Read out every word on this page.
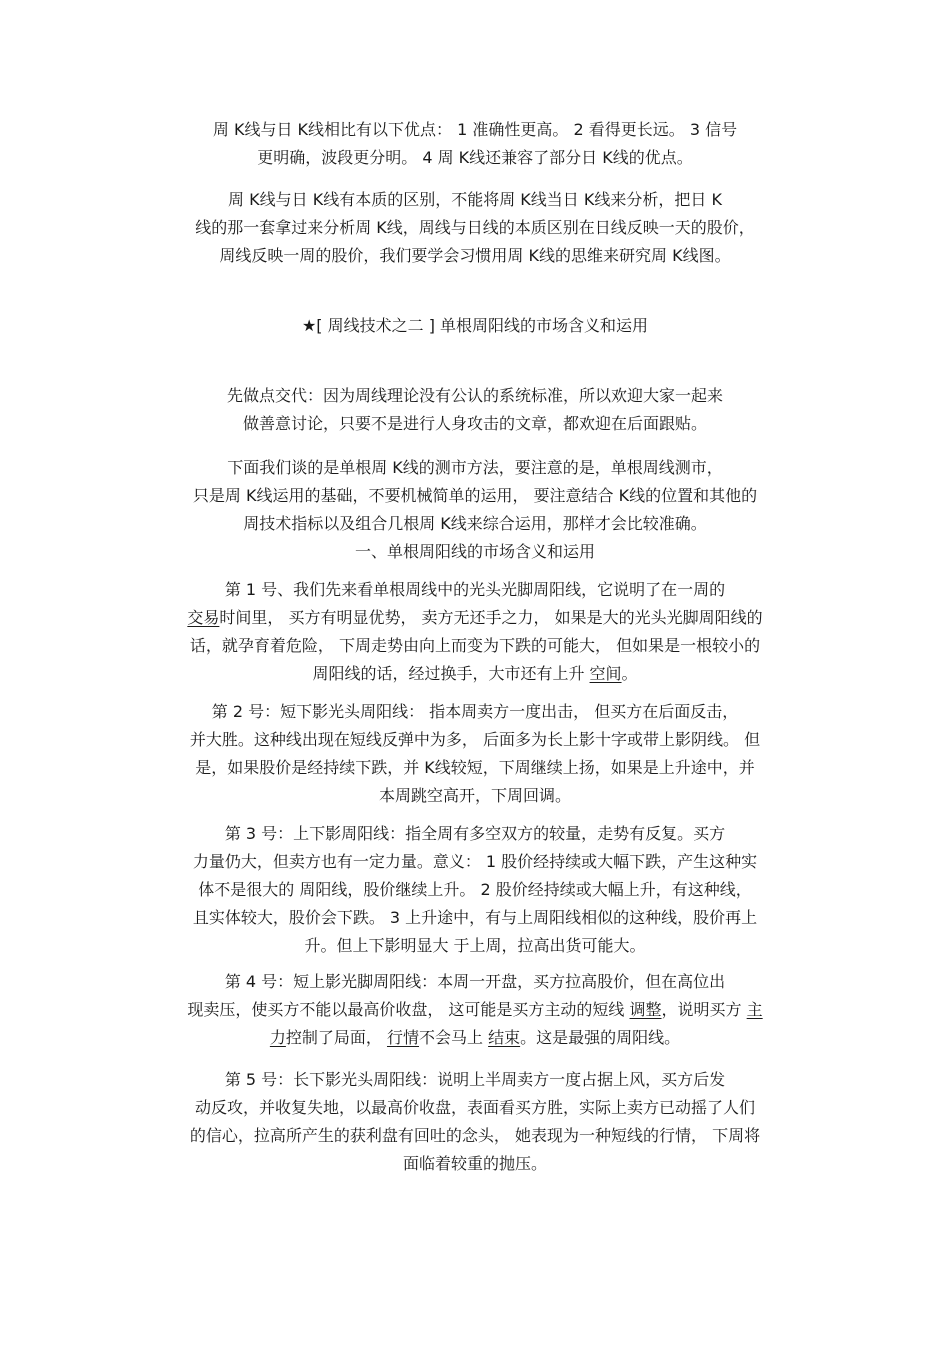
周 K线与日 K线相比有以下优点： 1 准确性更高。 2 看得更长远。 3 信号
更明确，波段更分明。 4 周 K线还兼容了部分日 K线的优点。

周 K线与日 K线有本质的区别，不能将周 K线当日 K线来分析，把日 K
线的那一套拿过来分析周 K线，周线与日线的本质区别在日线反映一天的股价，
周线反映一周的股价，我们要学会习惯用周 K线的思维来研究周 K线图。

★[ 周线技术之二 ] 单根周阳线的市场含义和运用

先做点交代：因为周线理论没有公认的系统标准，所以欢迎大家一起来
做善意讨论，只要不是进行人身攻击的文章，都欢迎在后面跟贴。

下面我们谈的是单根周 K线的测市方法，要注意的是，单根周线测市，
只是周 K线运用的基础，不要机械简单的运用， 要注意结合 K线的位置和其他的
周技术指标以及组合几根周 K线来综合运用，那样才会比较准确。
一、单根周阳线的市场含义和运用

第 1 号、我们先来看单根周线中的光头光脚周阳线，它说明了在一周的
交易时间里， 买方有明显优势， 卖方无还手之力， 如果是大的光头光脚周阳线的
话，就孕育着危险， 下周走势由向上而变为下跌的可能大， 但如果是一根较小的
周阳线的话，经过换手，大市还有上升 空间。

第 2 号：短下影光头周阳线： 指本周卖方一度出击， 但买方在后面反击，
并大胜。这种线出现在短线反弹中为多， 后面多为长上影十字或带上影阴线。 但
是，如果股价是经持续下跌，并 K线较短，下周继续上扬，如果是上升途中，并
本周跳空高开，下周回调。

第 3 号：上下影周阳线：指全周有多空双方的较量，走势有反复。买方
力量仍大，但卖方也有一定力量。意义： 1 股价经持续或大幅下跌，产生这种实
体不是很大的 周阳线，股价继续上升。 2 股价经持续或大幅上升，有这种线，
且实体较大，股价会下跌。 3 上升途中，有与上周阳线相似的这种线，股价再上
升。但上下影明显大 于上周，拉高出货可能大。

第 4 号：短上影光脚周阳线：本周一开盘，买方拉高股价，但在高位出
现卖压，使买方不能以最高价收盘， 这可能是买方主动的短线 调整，说明买方 主
力控制了局面， 行情不会马上 结束。这是最强的周阳线。

第 5 号：长下影光头周阳线：说明上半周卖方一度占据上风，买方后发
动反攻，并收复失地，以最高价收盘，表面看买方胜，实际上卖方已动摇了人们
的信心，拉高所产生的获利盘有回吐的念头， 她表现为一种短线的行情， 下周将
面临着较重的抛压。
